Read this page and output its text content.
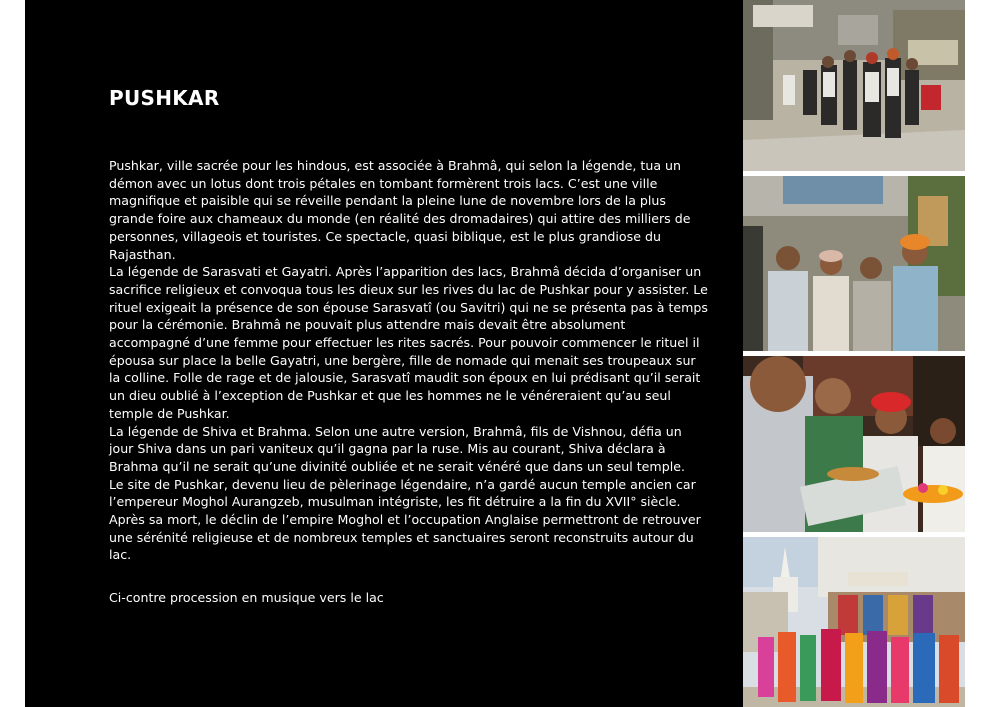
PUSHKAR

Pushkar, ville sacrée pour les hindous, est associée à Brahmâ, qui selon la légende, tua un démon avec un lotus dont trois pétales en tombant formèrent trois lacs. C’est une ville magnifique et paisible qui se réveille pendant la pleine lune de novembre lors de la plus grande foire aux chameaux du monde (en réalité des dromadaires) qui attire des milliers de personnes, villageois et touristes. Ce spectacle, quasi biblique, est le plus grandiose du Rajasthan.

La légende de Sarasvati et Gayatri. Après l’apparition des lacs, Brahmâ décida d’organiser un sacrifice religieux et convoqua tous les dieux sur les rives du lac de Pushkar pour y assister. Le rituel exigeait la présence de son épouse Sarasvatî (ou Savitri) qui ne se présenta pas à temps pour la cérémonie. Brahmâ ne pouvait plus attendre mais devait être absolument accompagné d’une femme pour effectuer les rites sacrés. Pour pouvoir commencer le rituel il épousa sur place la belle Gayatri, une bergère, fille de nomade qui menait ses troupeaux sur la colline. Folle de rage et de jalousie, Sarasvatî maudit son époux en lui prédisant qu’il serait un dieu oublié à l’exception de Pushkar et que les hommes ne le vénéreraient qu’au seul temple de Pushkar.

La légende de Shiva et Brahma. Selon une autre version, Brahmâ, fils de Vishnou, défia un jour Shiva dans un pari vaniteux qu’il gagna par la ruse. Mis au courant, Shiva déclara à Brahma qu’il ne serait qu’une divinité oubliée et ne serait vénéré que dans un seul temple.

Le site de Pushkar, devenu lieu de pèlerinage légendaire, n’a gardé aucun temple ancien car l’empereur Moghol Aurangzeb, musulman intégriste, les fit détruire a la fin du XVII° siècle. Après sa mort, le déclin de l’empire Moghol et l’occupation Anglaise permettront de retrouver une sérénité religieuse et de nombreux temples et sanctuaires seront reconstruits autour du lac.

Ci-contre procession en musique vers le lac
